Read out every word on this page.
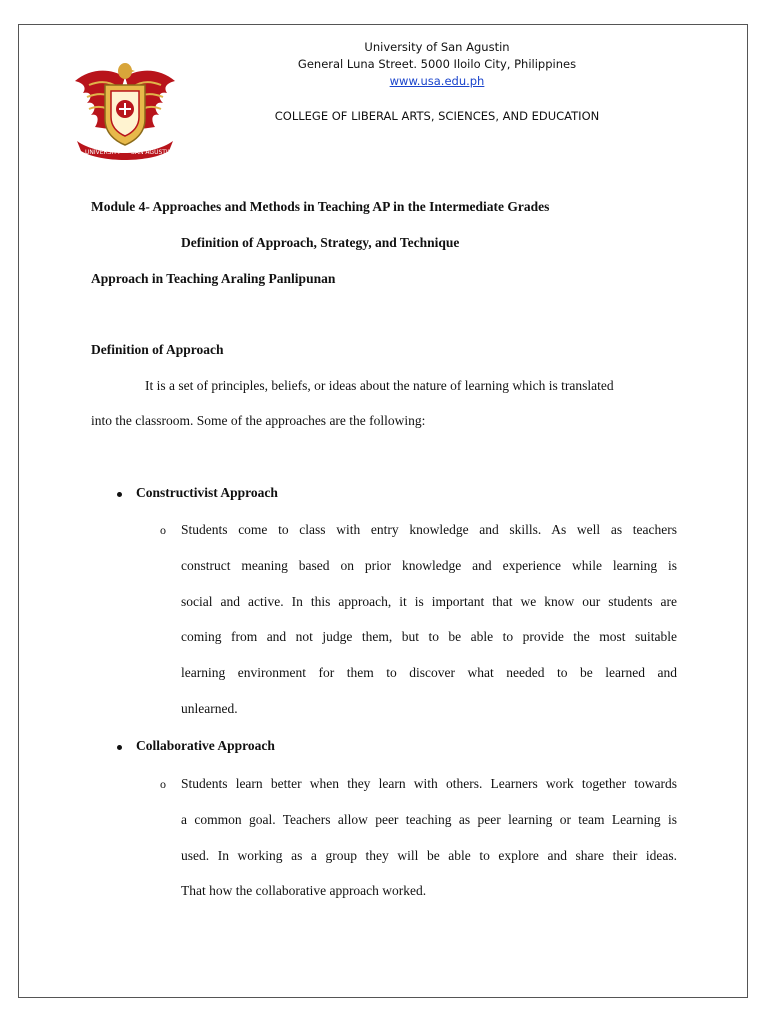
UNIVERSITY SAN AGUSTIN
University of San Agustin
General Luna Street. 5000 Iloilo City, Philippines
www.usa.edu.ph
COLLEGE OF LIBERAL ARTS, SCIENCES, AND EDUCATION
Module 4- Approaches and Methods in Teaching AP in the Intermediate Grades
Definition of Approach, Strategy, and Technique
Approach in Teaching Araling Panlipunan
Definition of Approach
It is a set of principles, beliefs, or ideas about the nature of learning which is translated
into the classroom. Some of the approaches are the following:
Constructivist Approach
o Students come to class with entry knowledge and skills. As well as teachers
construct meaning based on prior knowledge and experience while learning is
social and active. In this approach, it is important that we know our students are
coming from and not judge them, but to be able to provide the most suitable
learning environment for them to discover what needed to be learned and
unlearned.
Collaborative Approach
o Students learn better when they learn with others. Learners work together towards
a common goal. Teachers allow peer teaching as peer learning or team Learning is
used. In working as a group they will be able to explore and share their ideas.
That how the collaborative approach worked.
